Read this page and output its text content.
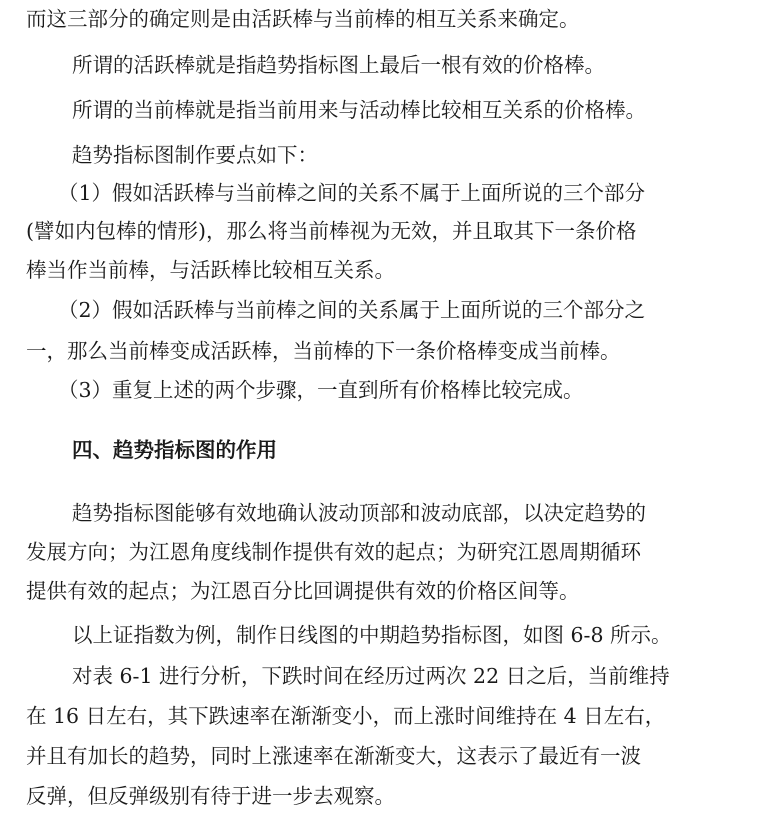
而这三部分的确定则是由活跃棒与当前棒的相互关系来确定。
所谓的活跃棒就是指趋势指标图上最后一根有效的价格棒。
所谓的当前棒就是指当前用来与活动棒比较相互关系的价格棒。
趋势指标图制作要点如下：
（1）假如活跃棒与当前棒之间的关系不属于上面所说的三个部分
(譬如内包棒的情形)，那么将当前棒视为无效，并且取其下一条价格
棒当作当前棒，与活跃棒比较相互关系。
（2）假如活跃棒与当前棒之间的关系属于上面所说的三个部分之
一，那么当前棒变成活跃棒，当前棒的下一条价格棒变成当前棒。
（3）重复上述的两个步骤，一直到所有价格棒比较完成。
四、趋势指标图的作用
趋势指标图能够有效地确认波动顶部和波动底部，以决定趋势的
发展方向；为江恩角度线制作提供有效的起点；为研究江恩周期循环
提供有效的起点；为江恩百分比回调提供有效的价格区间等。
以上证指数为例，制作日线图的中期趋势指标图，如图 6-8 所示。
对表 6-1 进行分析，下跌时间在经历过两次 22 日之后，当前维持
在 16 日左右，其下跌速率在渐渐变小，而上涨时间维持在 4 日左右，
并且有加长的趋势，同时上涨速率在渐渐变大，这表示了最近有一波
反弹，但反弹级别有待于进一步去观察。
